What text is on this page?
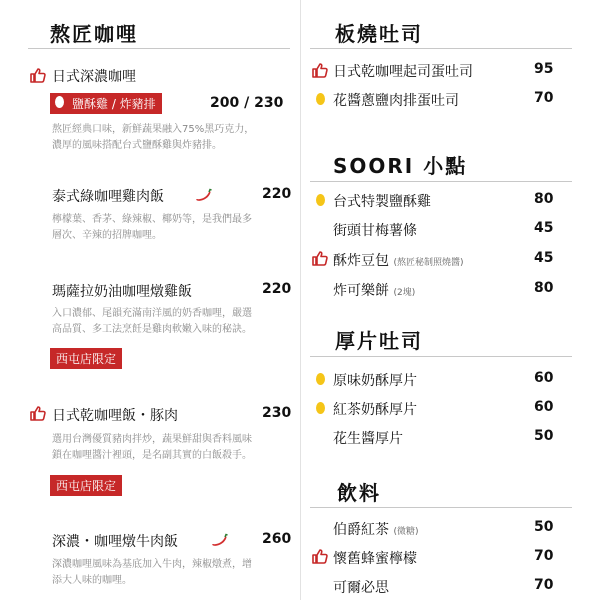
熬匠咖哩
日式深濃咖哩
鹽酥雞 / 炸豬排	200 / 230
熬匠經典口味，新鮮蔬果融入75%黑巧克力，
濃厚的風味搭配台式鹽酥雞與炸豬排。
泰式綠咖哩雞肉飯	220
檸檬葉、香茅、綠辣椒、椰奶等，是我們最多
層次、辛辣的招牌咖哩。
瑪薩拉奶油咖哩燉雞飯	220
入口濃郁、尾韻充滿南洋風的奶香咖哩，嚴選
高品質、多工法烹飪是雞肉軟嫩入味的秘訣。
西屯店限定
日式乾咖哩飯・豚肉	230
選用台灣優質豬肉拌炒，蔬果鮮甜與香料風味
鎖在咖哩醬汁裡頭，是名副其實的白飯殺手。
西屯店限定
深濃・咖哩燉牛肉飯	260
深濃咖哩風味為基底加入牛肉，辣椒燉煮，增
添大人味的咖哩。
板燒吐司
日式乾咖哩起司蛋吐司	95
花醬蔥鹽肉排蛋吐司	70
SOORI 小點
台式特製鹽酥雞	80
街頭甘梅薯條	45
酥炸豆包 (熬匠秘制照燒醬)	45
炸可樂餅 (2塊)	80
厚片吐司
原味奶酥厚片	60
紅茶奶酥厚片	60
花生醬厚片	50
飲料
伯爵紅茶 (微糖)	50
懷舊蜂蜜檸檬	70
可爾必思	70
